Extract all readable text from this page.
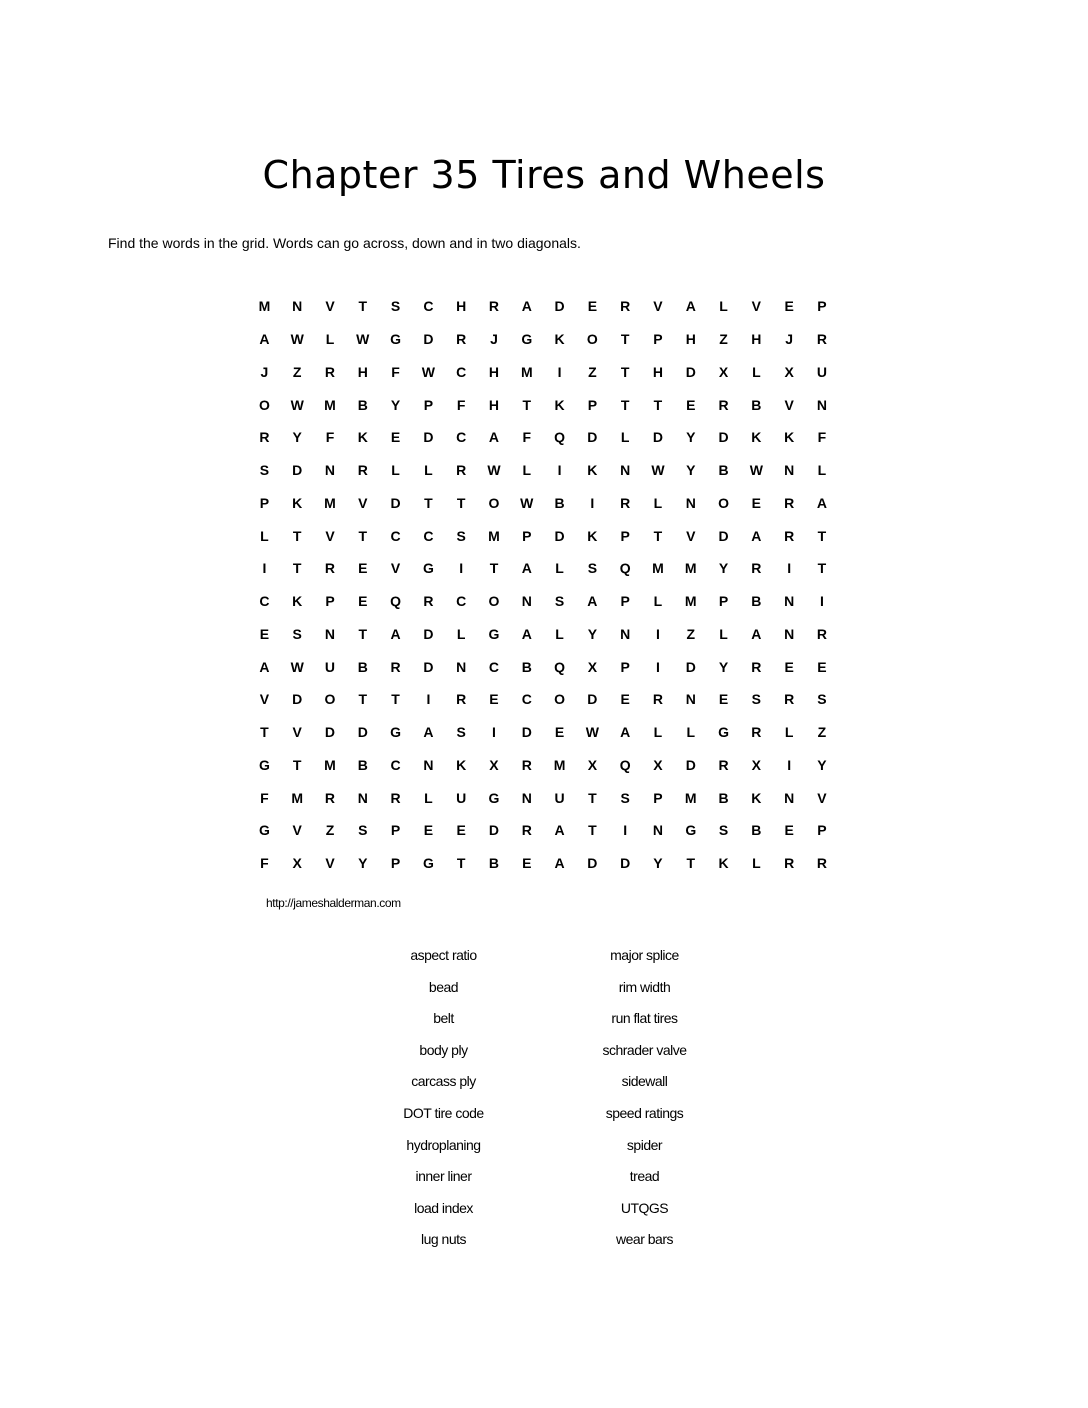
Chapter 35 Tires and Wheels
Find the words in the grid. Words can go across, down and in two diagonals.
M	N	V	T	S	C	H	R	A	D	E	R	V	A	L	V	E	P
A	W	L	W	G	D	R	J	G	K	O	T	P	H	Z	H	J	R
J	Z	R	H	F	W	C	H	M	I	Z	T	H	D	X	L	X	U
O	W	M	B	Y	P	F	H	T	K	P	T	T	E	R	B	V	N
R	Y	F	K	E	D	C	A	F	Q	D	L	D	Y	D	K	K	F
S	D	N	R	L	L	R	W	L	I	K	N	W	Y	B	W	N	L
P	K	M	V	D	T	T	O	W	B	I	R	L	N	O	E	R	A
L	T	V	T	C	C	S	M	P	D	K	P	T	V	D	A	R	T
I	T	R	E	V	G	I	T	A	L	S	Q	M	M	Y	R	I	T
C	K	P	E	Q	R	C	O	N	S	A	P	L	M	P	B	N	I
E	S	N	T	A	D	L	G	A	L	Y	N	I	Z	L	A	N	R
A	W	U	B	R	D	N	C	B	Q	X	P	I	D	Y	R	E	E
V	D	O	T	T	I	R	E	C	O	D	E	R	N	E	S	R	S
T	V	D	D	G	A	S	I	D	E	W	A	L	L	G	R	L	Z
G	T	M	B	C	N	K	X	R	M	X	Q	X	D	R	X	I	Y
F	M	R	N	R	L	U	G	N	U	T	S	P	M	B	K	N	V
G	V	Z	S	P	E	E	D	R	A	T	I	N	G	S	B	E	P
F	X	V	Y	P	G	T	B	E	A	D	D	Y	T	K	L	R	R
http://jameshalderman.com
aspect ratio	major splice
bead	rim width
belt	run flat tires
body ply	schrader valve
carcass ply	sidewall
DOT tire code	speed ratings
hydroplaning	spider
inner liner	tread
load index	UTQGS
lug nuts	wear bars
